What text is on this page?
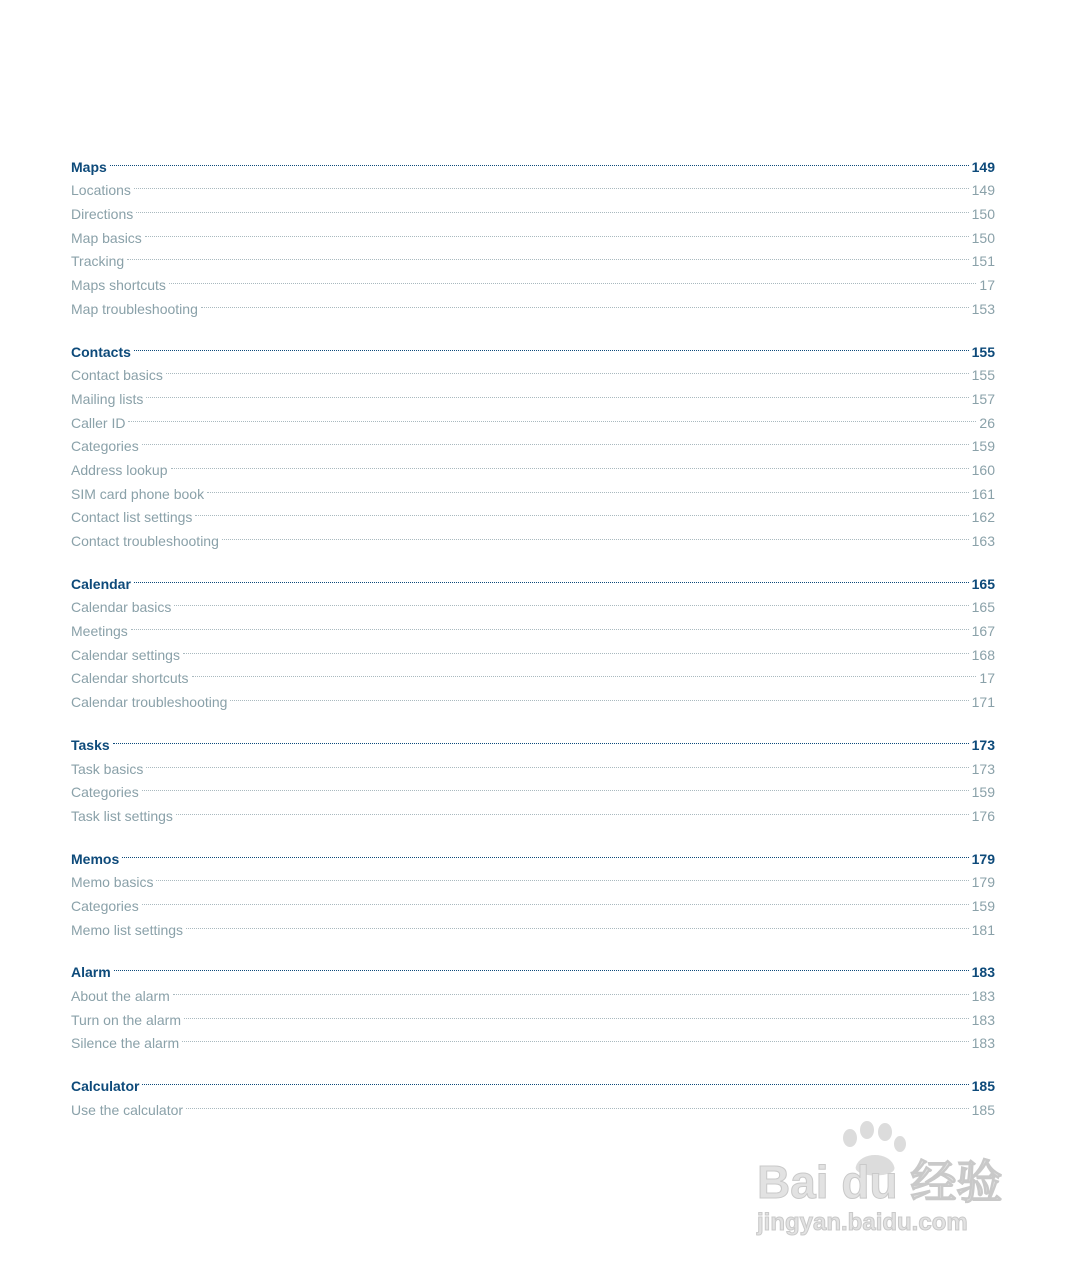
Maps	149
Locations	149
Directions	150
Map basics	150
Tracking	151
Maps shortcuts	17
Map troubleshooting	153
Contacts	155
Contact basics	155
Mailing lists	157
Caller ID	26
Categories	159
Address lookup	160
SIM card phone book	161
Contact list settings	162
Contact troubleshooting	163
Calendar	165
Calendar basics	165
Meetings	167
Calendar settings	168
Calendar shortcuts	17
Calendar troubleshooting	171
Tasks	173
Task basics	173
Categories	159
Task list settings	176
Memos	179
Memo basics	179
Categories	159
Memo list settings	181
Alarm	183
About the alarm	183
Turn on the alarm	183
Silence the alarm	183
Calculator	185
Use the calculator	185
Bai du 经验
jingyan.baidu.com
